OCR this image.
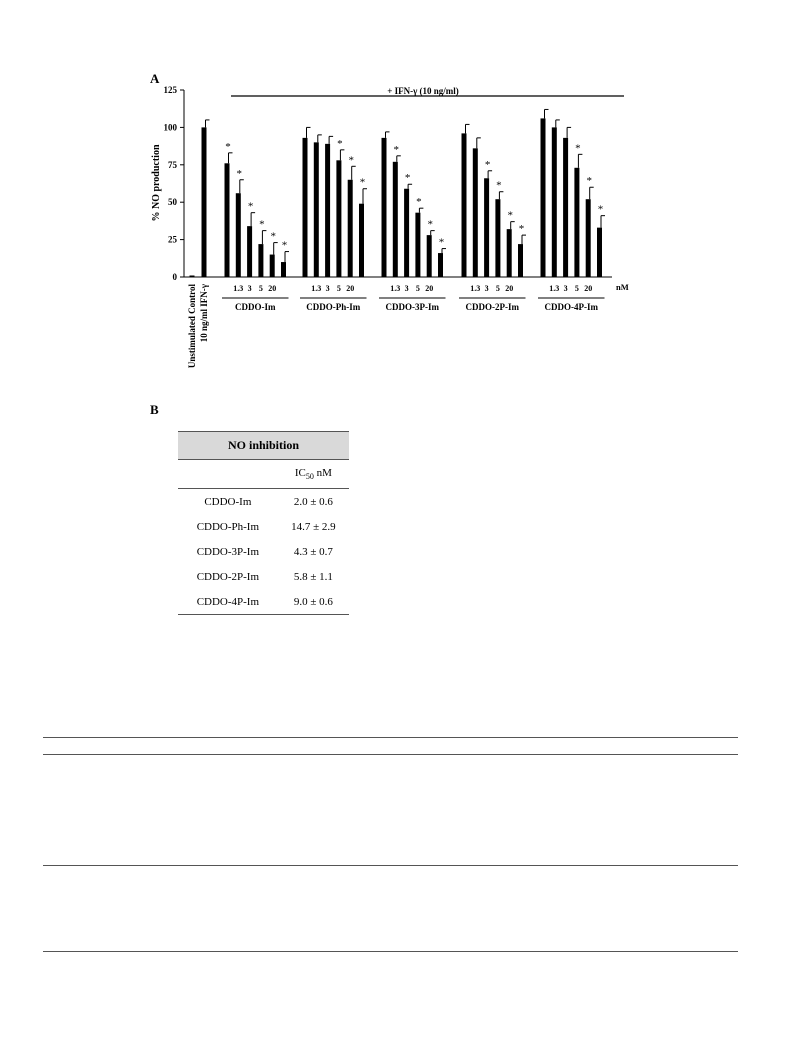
A
0
25
50
75
100
125
% NO production
+ IFN-γ (10 ng/ml)
Unstimulated Control 10 ng/ml IFN-γ
*
*
*
*
*
*
1.3 3 5 20
CDDO-Im
*
*
*
1.3 3 5 20
CDDO-Ph-Im
*
*
*
*
*
1.3 3 5 20
CDDO-3P-Im
*
*
*
*
1.3 3 5 20
CDDO-2P-Im
*
*
*
1.3 3 5 20
CDDO-4P-Im
nM
B
NO inhibition	
	$IC_{50}$ nM
CDDO-Im	2.0 ± 0.6
CDDO-Ph-Im	14.7 ± 2.9
CDDO-3P-Im	4.3 ± 0.7
CDDO-2P-Im	5.8 ± 1.1
CDDO-4P-Im	9.0 ± 0.6
